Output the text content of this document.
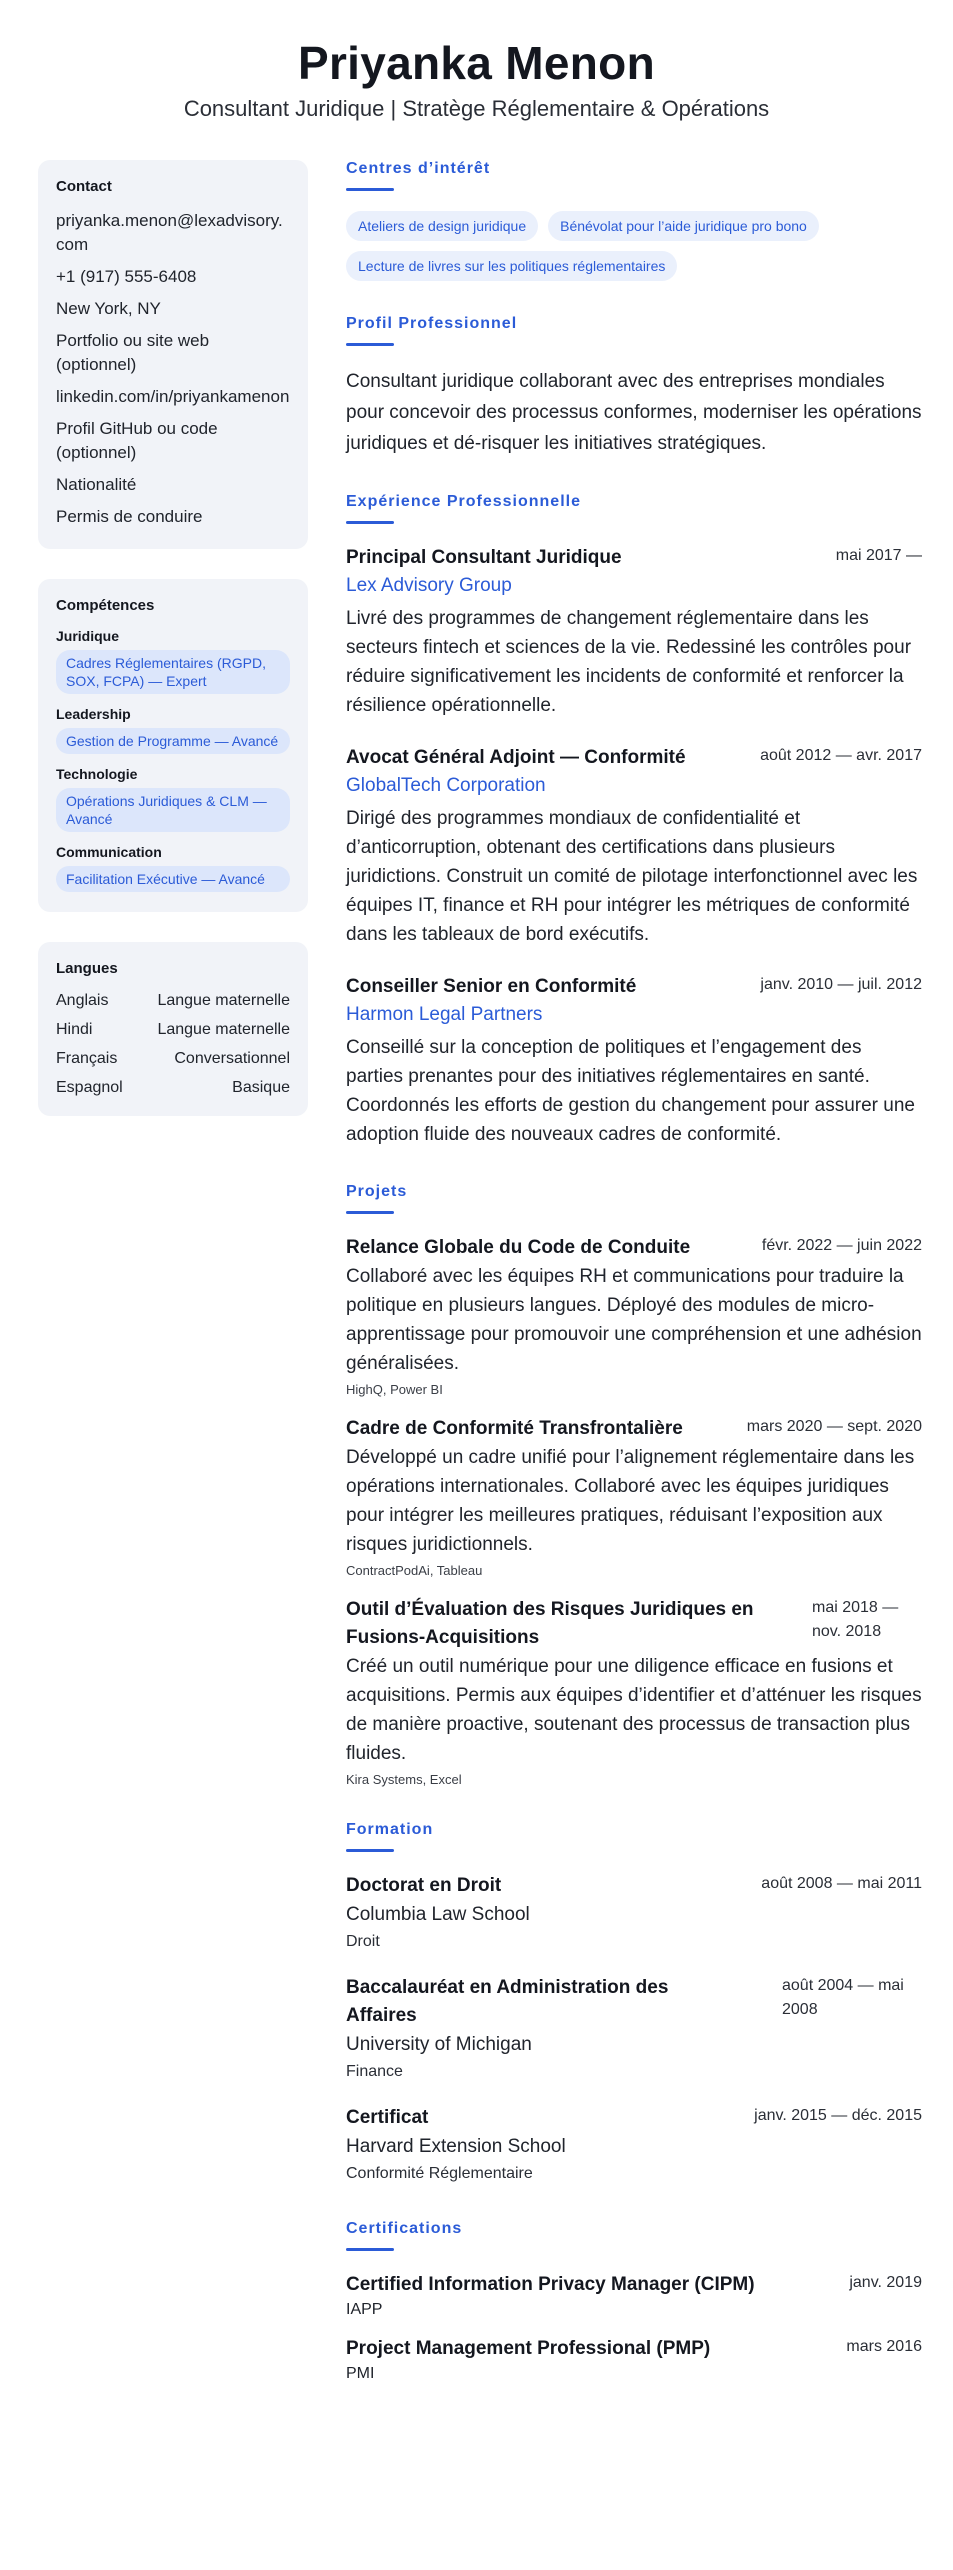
Priyanka Menon
Consultant Juridique | Stratège Réglementaire & Opérations
Contact
priyanka.menon@lexadvisory.com
+1 (917) 555-6408
New York, NY
Portfolio ou site web (optionnel)
linkedin.com/in/priyankamenon
Profil GitHub ou code (optionnel)
Nationalité
Permis de conduire
Compétences
Juridique
Cadres Réglementaires (RGPD, SOX, FCPA) — Expert
Leadership
Gestion de Programme — Avancé
Technologie
Opérations Juridiques & CLM — Avancé
Communication
Facilitation Exécutive — Avancé
Langues
Anglais	Langue maternelle
Hindi	Langue maternelle
Français	Conversationnel
Espagnol	Basique
Centres d’intérêt
Ateliers de design juridique	Bénévolat pour l’aide juridique pro bono
Lecture de livres sur les politiques réglementaires
Profil Professionnel

Consultant juridique collaborant avec des entreprises mondiales pour concevoir des processus conformes, moderniser les opérations juridiques et dé-risquer les initiatives stratégiques.

Expérience Professionnelle
Principal Consultant Juridique	mai 2017 —
Lex Advisory Group

Livré des programmes de changement réglementaire dans les secteurs fintech et sciences de la vie. Redessiné les contrôles pour réduire significativement les incidents de conformité et renforcer la résilience opérationnelle.

Avocat Général Adjoint — Conformité	août 2012 — avr. 2017
GlobalTech Corporation

Dirigé des programmes mondiaux de confidentialité et d’anticorruption, obtenant des certifications dans plusieurs juridictions. Construit un comité de pilotage interfonctionnel avec les équipes IT, finance et RH pour intégrer les métriques de conformité dans les tableaux de bord exécutifs.

Conseiller Senior en Conformité	janv. 2010 — juil. 2012
Harmon Legal Partners

Conseillé sur la conception de politiques et l’engagement des parties prenantes pour des initiatives réglementaires en santé. Coordonnés les efforts de gestion du changement pour assurer une adoption fluide des nouveaux cadres de conformité.

Projets
Relance Globale du Code de Conduite	févr. 2022 — juin 2022

Collaboré avec les équipes RH et communications pour traduire la politique en plusieurs langues. Déployé des modules de micro-apprentissage pour promouvoir une compréhension et une adhésion généralisées.

HighQ, Power BI
Cadre de Conformité Transfrontalière	mars 2020 — sept. 2020

Développé un cadre unifié pour l’alignement réglementaire dans les opérations internationales. Collaboré avec les équipes juridiques pour intégrer les meilleures pratiques, réduisant l’exposition aux risques juridictionnels.

ContractPodAi, Tableau
Outil d’Évaluation des Risques Juridiques en Fusions-Acquisitions
mai 2018 — nov. 2018

Créé un outil numérique pour une diligence efficace en fusions et acquisitions. Permis aux équipes d’identifier et d’atténuer les risques de manière proactive, soutenant des processus de transaction plus fluides.

Kira Systems, Excel
Formation
Doctorat en Droit	août 2008 — mai 2011
Columbia Law School
Droit
Baccalauréat en Administration des Affaires
août 2004 — mai 2008
University of Michigan
Finance
Certificat	janv. 2015 — déc. 2015
Harvard Extension School
Conformité Réglementaire
Certifications
Certified Information Privacy Manager (CIPM)	janv. 2019
IAPP
Project Management Professional (PMP)	mars 2016
PMI
